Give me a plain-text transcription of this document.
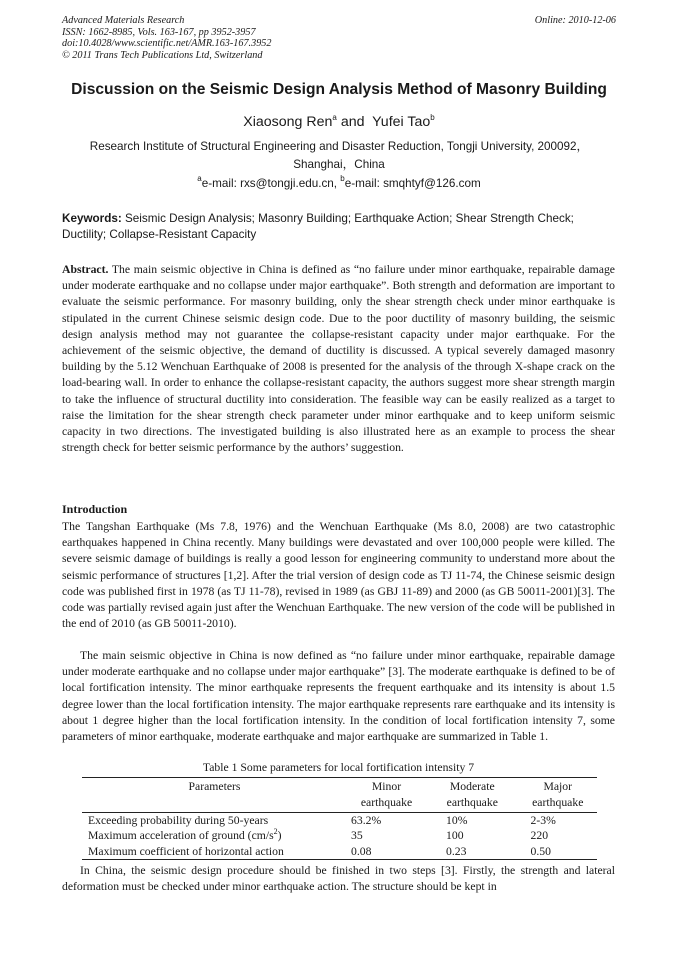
Advanced Materials Research
ISSN: 1662-8985, Vols. 163-167, pp 3952-3957
doi:10.4028/www.scientific.net/AMR.163-167.3952
© 2011 Trans Tech Publications Ltd, Switzerland
Online: 2010-12-06
Discussion on the Seismic Design Analysis Method of Masonry Building
Xiaosong Ren$^a$ and  Yufei Tao$^b$
Research Institute of Structural Engineering and Disaster Reduction, Tongji University, 200092，
Shanghai，China
$^a$e-mail: rxs@tongji.edu.cn, $^b$e-mail: smqhtyf@126.com
Keywords: Seismic Design Analysis; Masonry Building; Earthquake Action; Shear Strength Check; Ductility; Collapse-Resistant Capacity

Abstract. The main seismic objective in China is defined as “no failure under minor earthquake, repairable damage under moderate earthquake and no collapse under major earthquake”. Both strength and deformation are important to evaluate the seismic performance. For masonry building, only the shear strength check under minor earthquake is stipulated in the current Chinese seismic design code. Due to the poor ductility of masonry building, the seismic design analysis method may not guarantee the collapse-resistant capacity under major earthquake. For the achievement of the seismic objective, the demand of ductility is discussed. A typical severely damaged masonry building by the 5.12 Wenchuan Earthquake of 2008 is presented for the analysis of the through X-shape crack on the load-bearing wall. In order to enhance the collapse-resistant capacity, the authors suggest more shear strength margin to take the influence of structural ductility into consideration. The feasible way can be easily realized as a target to raise the limitation for the shear strength check parameter under minor earthquake and to keep uniform seismic capacity in two directions. The investigated building is also illustrated here as an example to process the shear strength check for better seismic performance by the authors’ suggestion.

Introduction

The Tangshan Earthquake (Ms 7.8, 1976) and the Wenchuan Earthquake (Ms 8.0, 2008) are two catastrophic earthquakes happened in China recently. Many buildings were devastated and over 100,000 people were killed. The severe seismic damage of buildings is really a good lesson for engineering community to understand more about the seismic performance of structures [1,2]. After the trial version of design code as TJ 11-74, the Chinese seismic design code was published first in 1978 (as TJ 11-78), revised in 1989 (as GBJ 11-89) and 2000 (as GB 50011-2001)[3]. The code was partially revised again just after the Wenchuan Earthquake. The new version of the code will be published in the end of 2010 (as GB 50011-2010).

The main seismic objective in China is now defined as “no failure under minor earthquake, repairable damage under moderate earthquake and no collapse under major earthquake” [3]. The moderate earthquake is defined to be of local fortification intensity. The minor earthquake represents the frequent earthquake and its intensity is about 1.5 degree lower than the local fortification intensity. The major earthquake represents rare earthquake and its intensity is about 1 degree higher than the local fortification intensity. In the condition of local fortification intensity 7, some parameters of minor earthquake, moderate earthquake and major earthquake are summarized in Table 1.

Table 1 Some parameters for local fortification intensity 7
Parameters	Minor earthquake	Moderate earthquake	Major earthquake
Exceeding probability during 50-years	63.2%	10%	2-3%
Maximum acceleration of ground $(cm/s^2)$	35	100	220
Maximum coefficient of horizontal action	0.08	0.23	0.50

In China, the seismic design procedure should be finished in two steps [3]. Firstly, the strength and lateral deformation must be checked under minor earthquake action. The structure should be kept in
